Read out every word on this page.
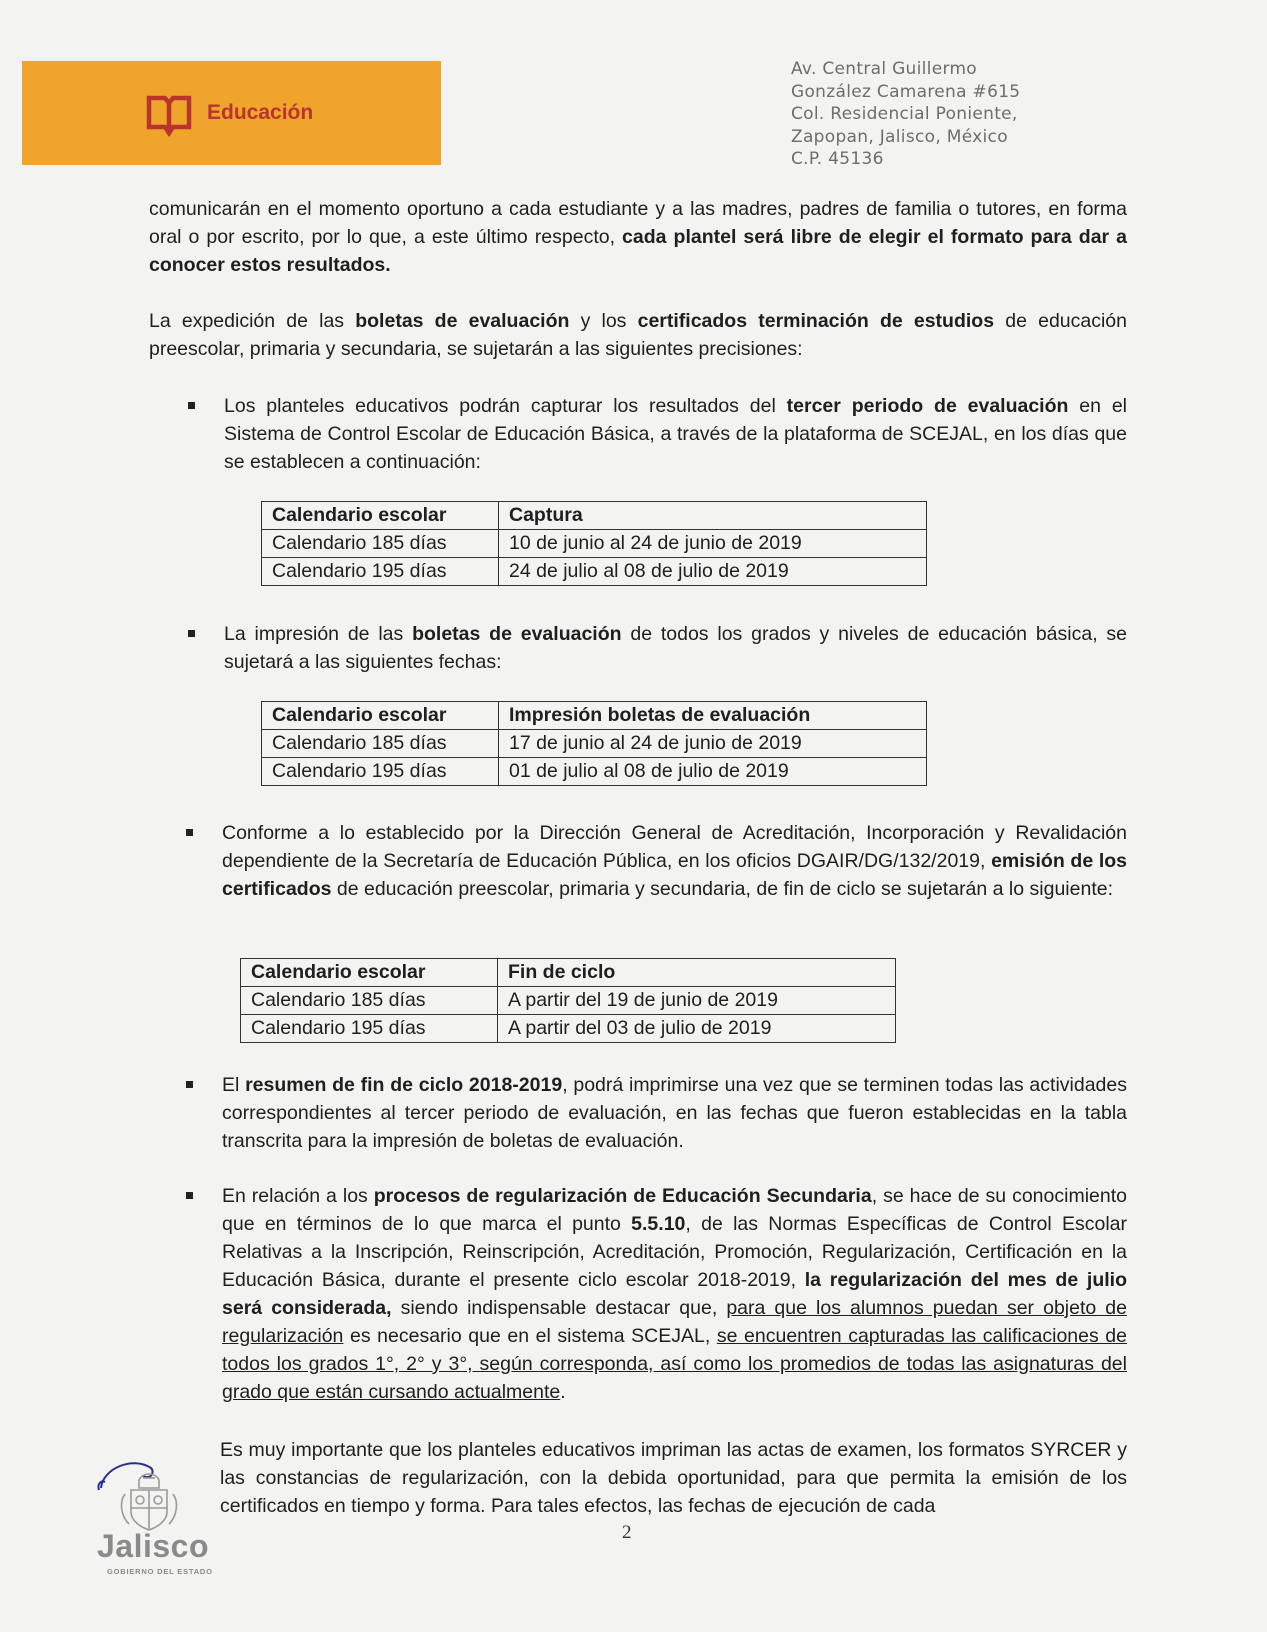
Educación
Av. Central Guillermo
González Camarena #615
Col. Residencial Poniente,
Zapopan, Jalisco, México
C.P. 45136
comunicarán en el momento oportuno a cada estudiante y a las madres, padres de familia o tutores, en forma oral o por escrito, por lo que, a este último respecto, cada plantel será libre de elegir el formato para dar a conocer estos resultados.
La expedición de las boletas de evaluación y los certificados terminación de estudios de educación preescolar, primaria y secundaria, se sujetarán a las siguientes precisiones:
Los planteles educativos podrán capturar los resultados del tercer periodo de evaluación en el Sistema de Control Escolar de Educación Básica, a través de la plataforma de SCEJAL, en los días que se establecen a continuación:
Calendario escolar	Captura
Calendario 185 días	10 de junio al 24 de junio de 2019
Calendario 195 días	24 de julio al 08 de julio de 2019
La impresión de las boletas de evaluación de todos los grados y niveles de educación básica, se sujetará a las siguientes fechas:
Calendario escolar	Impresión boletas de evaluación
Calendario 185 días	17 de junio al 24 de junio de 2019
Calendario 195 días	01 de julio al 08 de julio de 2019
Conforme a lo establecido por la Dirección General de Acreditación, Incorporación y Revalidación dependiente de la Secretaría de Educación Pública, en los oficios DGAIR/DG/132/2019, emisión de los certificados de educación preescolar, primaria y secundaria, de fin de ciclo se sujetarán a lo siguiente:
Calendario escolar	Fin de ciclo
Calendario 185 días	A partir del 19 de junio de 2019
Calendario 195 días	A partir del 03 de julio de 2019
El resumen de fin de ciclo 2018-2019, podrá imprimirse una vez que se terminen todas las actividades correspondientes al tercer periodo de evaluación, en las fechas que fueron establecidas en la tabla transcrita para la impresión de boletas de evaluación.
En relación a los procesos de regularización de Educación Secundaria, se hace de su conocimiento que en términos de lo que marca el punto 5.5.10, de las Normas Específicas de Control Escolar Relativas a la Inscripción, Reinscripción, Acreditación, Promoción, Regularización, Certificación en la Educación Básica, durante el presente ciclo escolar 2018-2019, la regularización del mes de julio será considerada, siendo indispensable destacar que, para que los alumnos puedan ser objeto de regularización es necesario que en el sistema SCEJAL, se encuentren capturadas las calificaciones de todos los grados 1°, 2° y 3°, según corresponda, así como los promedios de todas las asignaturas del grado que están cursando actualmente.
Es muy importante que los planteles educativos impriman las actas de examen, los formatos SYRCER y las constancias de regularización, con la debida oportunidad, para que permita la emisión de los certificados en tiempo y forma. Para tales efectos, las fechas de ejecución de cada
2
Jalisco
GOBIERNO DEL ESTADO
